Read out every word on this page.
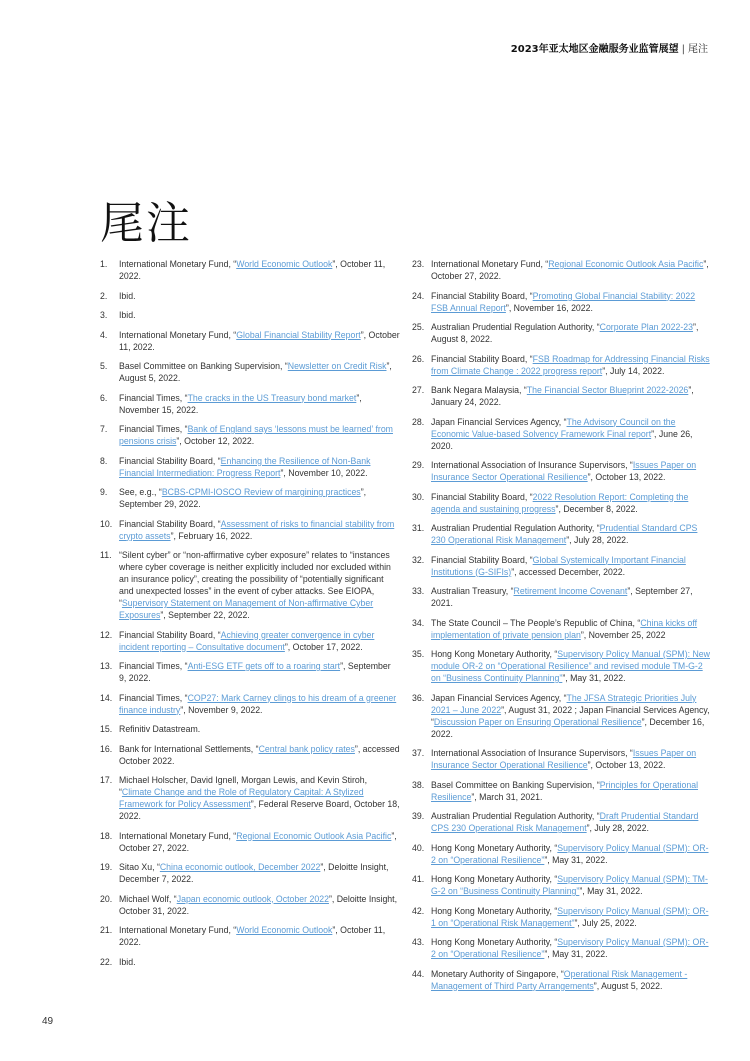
2023年亚太地区金融服务业监管展望 | 尾注
尾注
1. International Monetary Fund, “World Economic Outlook”, October 11, 2022.
2. Ibid.
3. Ibid.
4. International Monetary Fund, “Global Financial Stability Report”, October 11, 2022.
5. Basel Committee on Banking Supervision, “Newsletter on Credit Risk”, August 5, 2022.
6. Financial Times, “The cracks in the US Treasury bond market”, November 15, 2022.
7. Financial Times, “Bank of England says ‘lessons must be learned’ from pensions crisis”, October 12, 2022.
8. Financial Stability Board, “Enhancing the Resilience of Non-Bank Financial Intermediation: Progress Report”, November 10, 2022.
9. See, e.g., “BCBS-CPMI-IOSCO Review of margining practices”, September 29, 2022.
10. Financial Stability Board, “Assessment of risks to financial stability from crypto assets”, February 16, 2022.
11. “Silent cyber” or “non-affirmative cyber exposure” relates to “instances where cyber coverage is neither explicitly included nor excluded within an insurance policy”, creating the possibility of “potentially significant and unexpected losses” in the event of cyber attacks. See EIOPA, “Supervisory Statement on Management of Non-affirmative Cyber Exposures”, September 22, 2022.
12. Financial Stability Board, “Achieving greater convergence in cyber incident reporting – Consultative document”, October 17, 2022.
13. Financial Times, “Anti-ESG ETF gets off to a roaring start”, September 9, 2022.
14. Financial Times, “COP27: Mark Carney clings to his dream of a greener finance industry”, November 9, 2022.
15. Refinitiv Datastream.
16. Bank for International Settlements, “Central bank policy rates”, accessed October 2022.
17. Michael Holscher, David Ignell, Morgan Lewis, and Kevin Stiroh, “Climate Change and the Role of Regulatory Capital: A Stylized Framework for Policy Assessment”, Federal Reserve Board, October 18, 2022.
18. International Monetary Fund, “Regional Economic Outlook Asia Pacific”, October 27, 2022.
19. Sitao Xu, “China economic outlook, December 2022”, Deloitte Insight, December 7, 2022.
20. Michael Wolf, “Japan economic outlook, October 2022”, Deloitte Insight, October 31, 2022.
21. International Monetary Fund, “World Economic Outlook”, October 11, 2022.
22. Ibid.
23. International Monetary Fund, “Regional Economic Outlook Asia Pacific”, October 27, 2022.
24. Financial Stability Board, “Promoting Global Financial Stability: 2022 FSB Annual Report”, November 16, 2022.
25. Australian Prudential Regulation Authority, “Corporate Plan 2022-23”, August 8, 2022.
26. Financial Stability Board, “FSB Roadmap for Addressing Financial Risks from Climate Change : 2022 progress report”, July 14, 2022.
27. Bank Negara Malaysia, “The Financial Sector Blueprint 2022-2026”, January 24, 2022.
28. Japan Financial Services Agency, “The Advisory Council on the Economic Value-based Solvency Framework Final report”, June 26, 2020.
29. International Association of Insurance Supervisors, “Issues Paper on Insurance Sector Operational Resilience”, October 13, 2022.
30. Financial Stability Board, “2022 Resolution Report: Completing the agenda and sustaining progress”, December 8, 2022.
31. Australian Prudential Regulation Authority, “Prudential Standard CPS 230 Operational Risk Management”, July 28, 2022.
32. Financial Stability Board, “Global Systemically Important Financial Institutions (G-SIFIs)”, accessed December, 2022.
33. Australian Treasury, “Retirement Income Covenant”, September 27, 2021.
34. The State Council – The People’s Republic of China, “China kicks off implementation of private pension plan”, November 25, 2022
35. Hong Kong Monetary Authority, “Supervisory Policy Manual (SPM): New module OR-2 on “Operational Resilience” and revised module TM-G-2 on “Business Continuity Planning””, May 31, 2022.
36. Japan Financial Services Agency, “The JFSA Strategic Priorities July 2021 – June 2022”, August 31, 2022 ; Japan Financial Services Agency, “Discussion Paper on Ensuring Operational Resilience”, December 16, 2022.
37. International Association of Insurance Supervisors, “Issues Paper on Insurance Sector Operational Resilience”, October 13, 2022.
38. Basel Committee on Banking Supervision, “Principles for Operational Resilience”, March 31, 2021.
39. Australian Prudential Regulation Authority, “Draft Prudential Standard CPS 230 Operational Risk Management”, July 28, 2022.
40. Hong Kong Monetary Authority, “Supervisory Policy Manual (SPM): OR-2 on “Operational Resilience””, May 31, 2022.
41. Hong Kong Monetary Authority, “Supervisory Policy Manual (SPM): TM-G-2 on “Business Continuity Planning””, May 31, 2022.
42. Hong Kong Monetary Authority, “Supervisory Policy Manual (SPM): OR-1 on “Operational Risk Management””, July 25, 2022.
43. Hong Kong Monetary Authority, “Supervisory Policy Manual (SPM): OR-2 on “Operational Resilience””, May 31, 2022.
44. Monetary Authority of Singapore, “Operational Risk Management - Management of Third Party Arrangements”, August 5, 2022.
49
